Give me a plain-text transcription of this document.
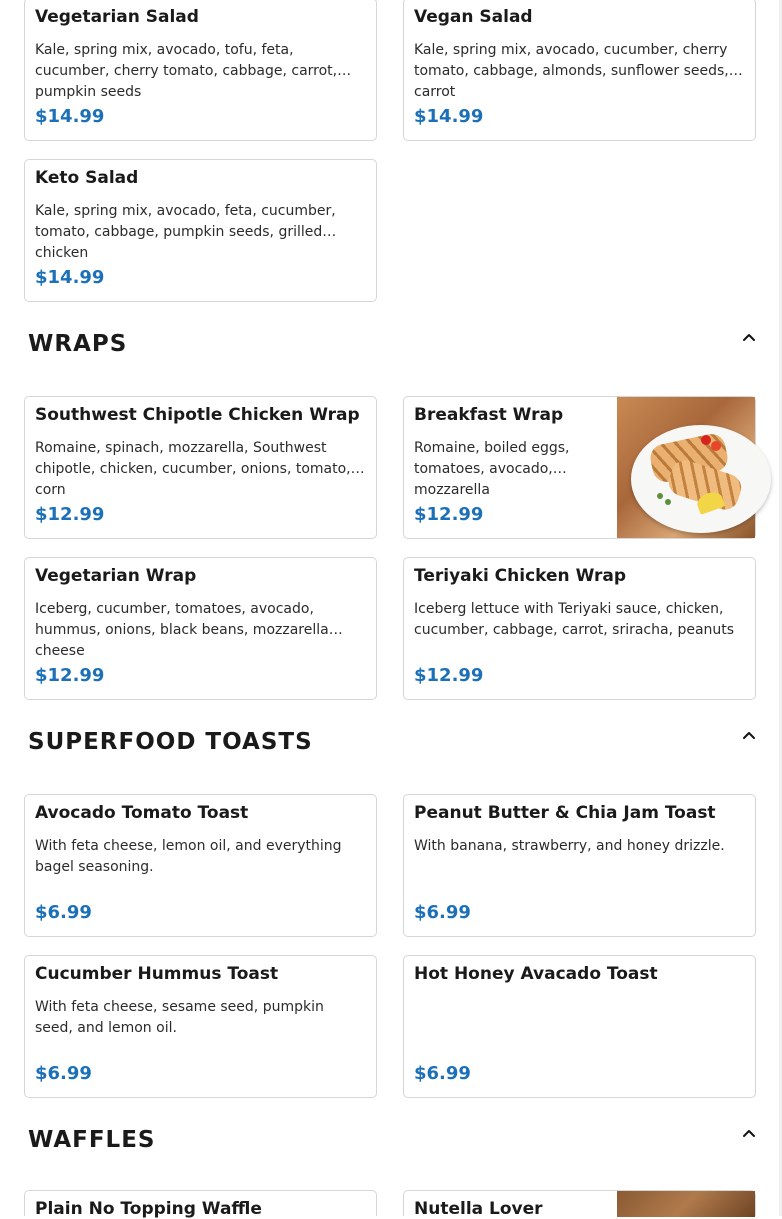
Vegetarian Salad
Kale, spring mix, avocado, tofu, feta, cucumber, cherry tomato, cabbage, carrot, pumpkin seeds
$14.99
Vegan Salad
Kale, spring mix, avocado, cucumber, cherry tomato, cabbage, almonds, sunflower seeds, carrot
$14.99
Keto Salad
Kale, spring mix, avocado, feta, cucumber, tomato, cabbage, pumpkin seeds, grilled chicken
$14.99
WRAPS
Southwest Chipotle Chicken Wrap
Romaine, spinach, mozzarella, Southwest chipotle, chicken, cucumber, onions, tomato, corn
$12.99
Breakfast Wrap
Romaine, boiled eggs, tomatoes, avocado, mozzarella
$12.99
Vegetarian Wrap
Iceberg, cucumber, tomatoes, avocado, hummus, onions, black beans, mozzarella cheese
$12.99
Teriyaki Chicken Wrap
Iceberg lettuce with Teriyaki sauce, chicken, cucumber, cabbage, carrot, sriracha, peanuts
$12.99
SUPERFOOD TOASTS
Avocado Tomato Toast
With feta cheese, lemon oil, and everything bagel seasoning.
$6.99
Peanut Butter & Chia Jam Toast
With banana, strawberry, and honey drizzle.
$6.99
Cucumber Hummus Toast
With feta cheese, sesame seed, pumpkin seed, and lemon oil.
$6.99
Hot Honey Avacado Toast
$6.99
WAFFLES
Plain No Topping Waffle	Nutella Lover
